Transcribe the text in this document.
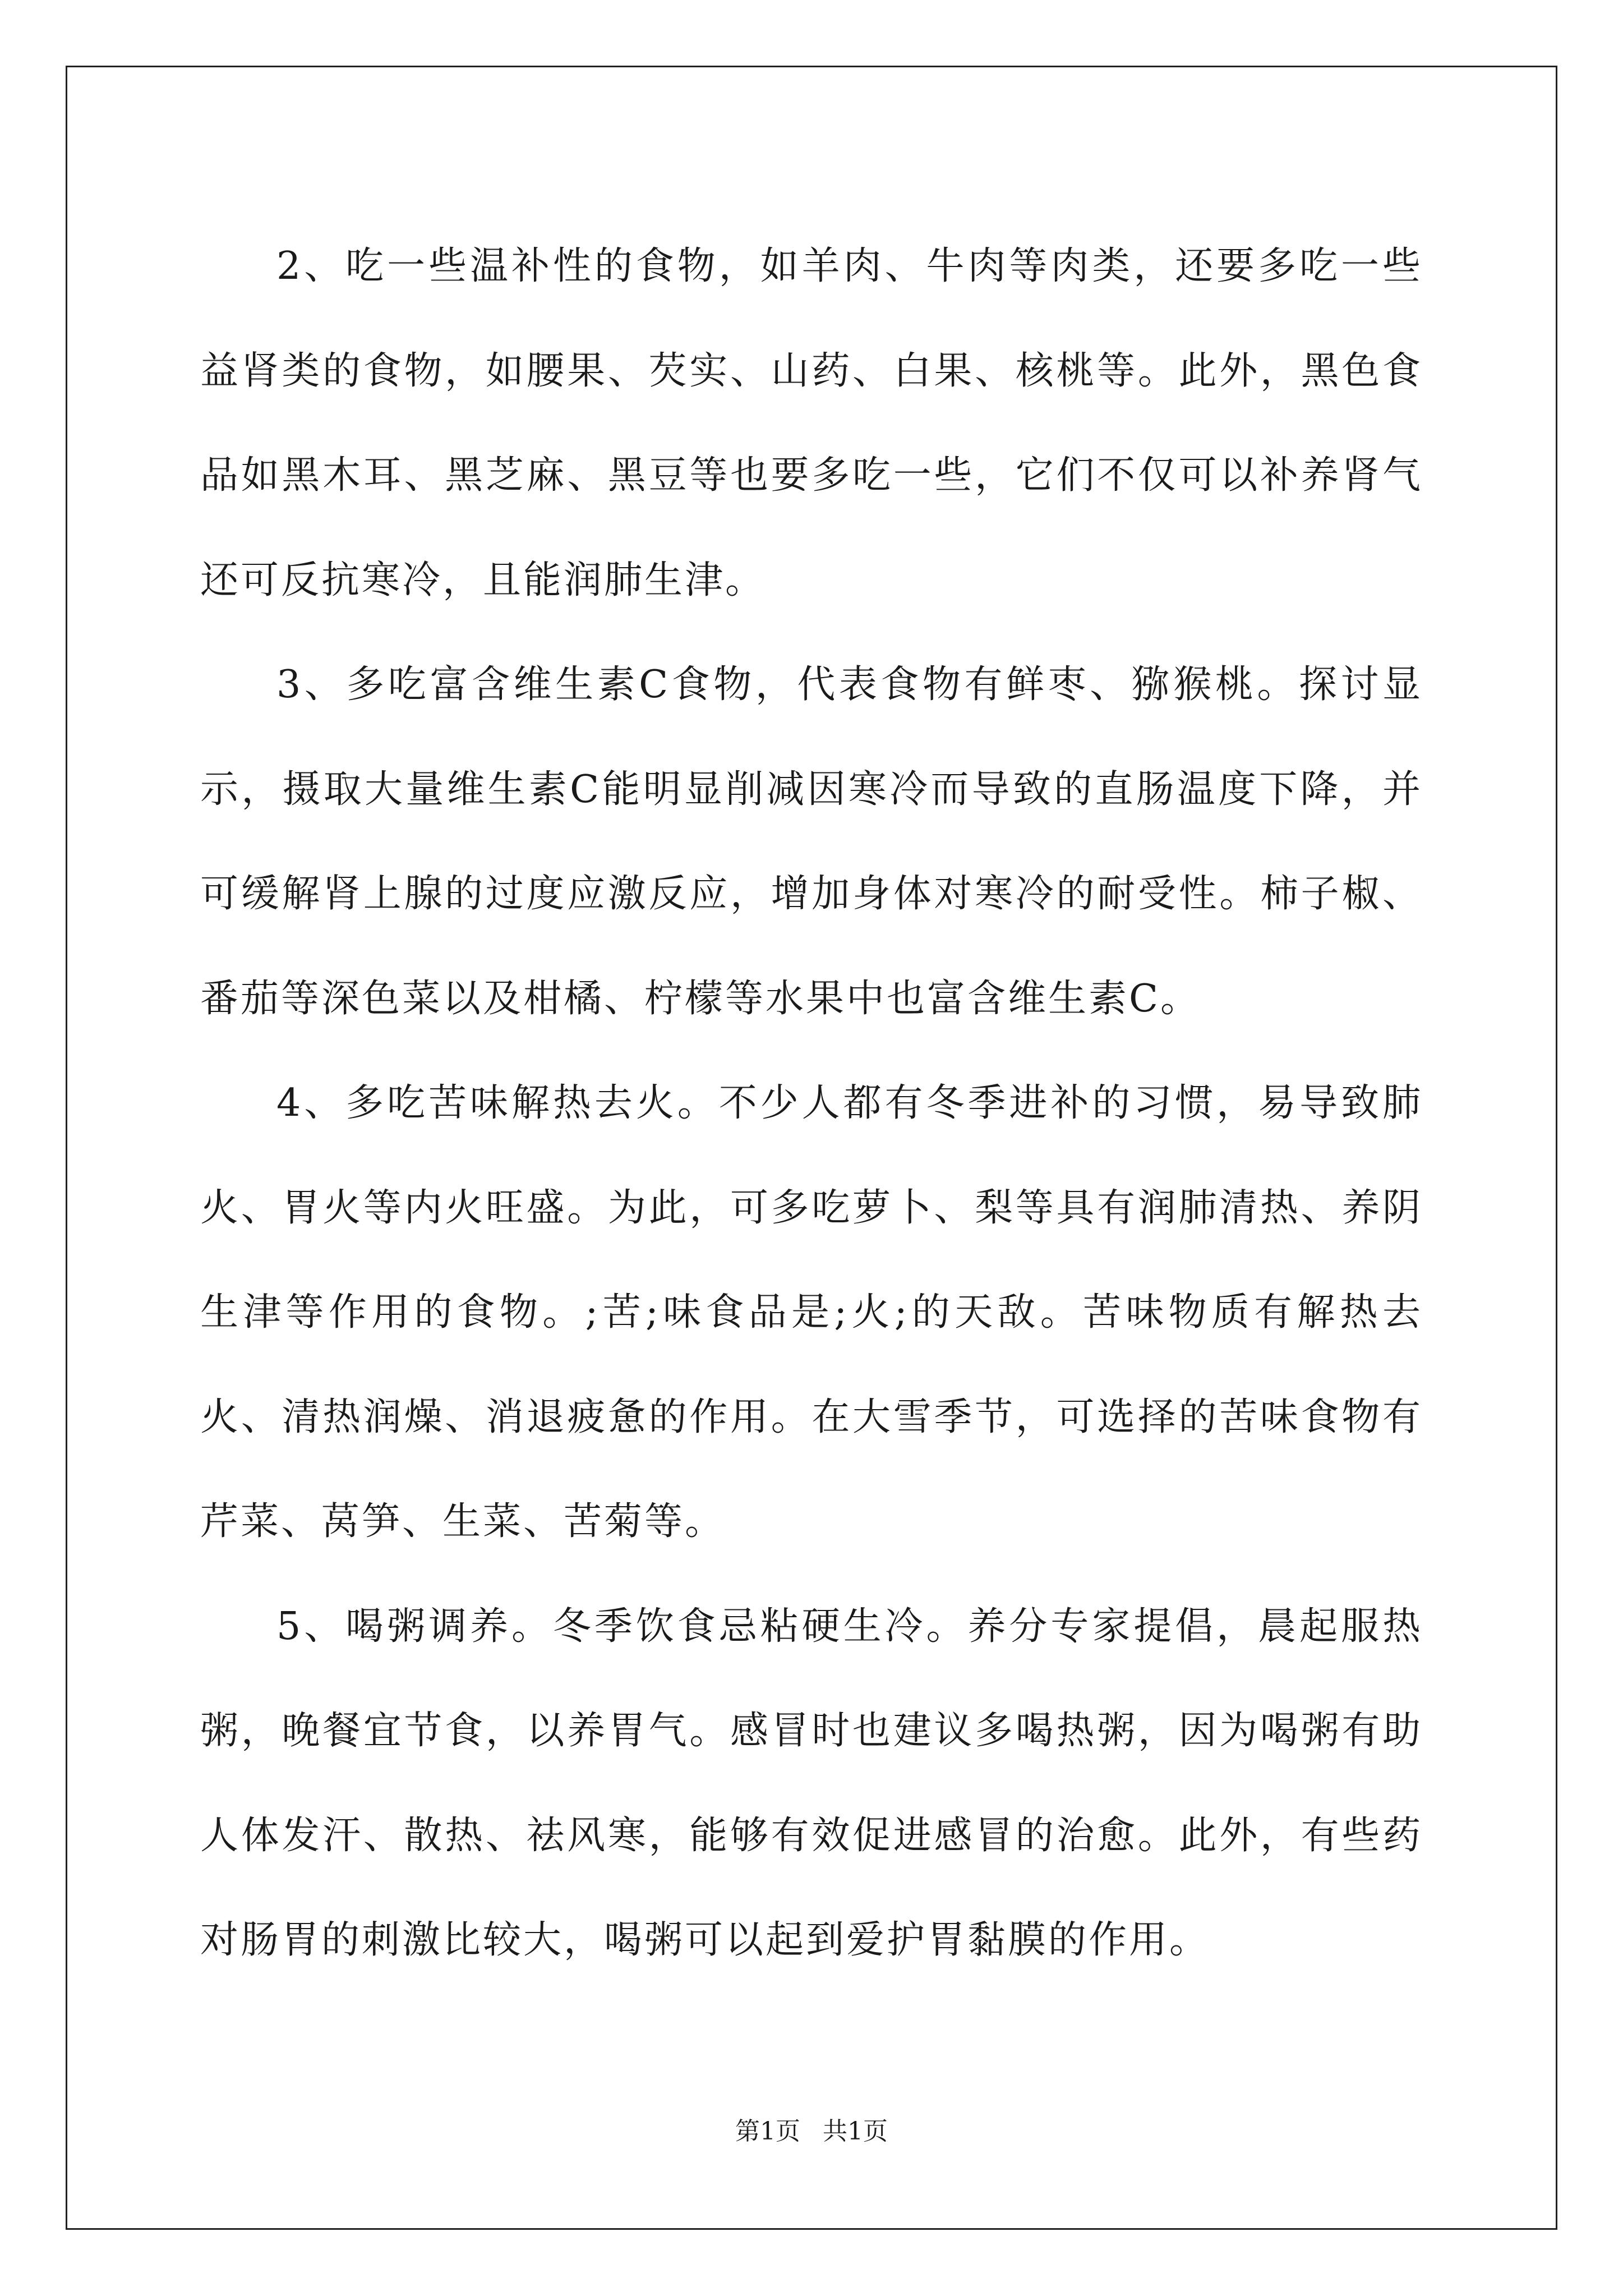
2、吃一些温补性的食物，如羊肉、牛肉等肉类，还要多吃一些益肾类的食物，如腰果、芡实、山药、白果、核桃等。此外，黑色食品如黑木耳、黑芝麻、黑豆等也要多吃一些，它们不仅可以补养肾气还可反抗寒冷，且能润肺生津。

3、多吃富含维生素C食物，代表食物有鲜枣、猕猴桃。探讨显示，摄取大量维生素C能明显削减因寒冷而导致的直肠温度下降，并可缓解肾上腺的过度应激反应，增加身体对寒冷的耐受性。柿子椒、番茄等深色菜以及柑橘、柠檬等水果中也富含维生素C。

4、多吃苦味解热去火。不少人都有冬季进补的习惯，易导致肺火、胃火等内火旺盛。为此，可多吃萝卜、梨等具有润肺清热、养阴生津等作用的食物。;苦;味食品是;火;的天敌。苦味物质有解热去火、清热润燥、消退疲惫的作用。在大雪季节，可选择的苦味食物有芹菜、莴笋、生菜、苦菊等。

5、喝粥调养。冬季饮食忌粘硬生冷。养分专家提倡，晨起服热粥，晚餐宜节食，以养胃气。感冒时也建议多喝热粥，因为喝粥有助人体发汗、散热、祛风寒，能够有效促进感冒的治愈。此外，有些药对肠胃的刺激比较大，喝粥可以起到爱护胃黏膜的作用。

第1页 共1页
